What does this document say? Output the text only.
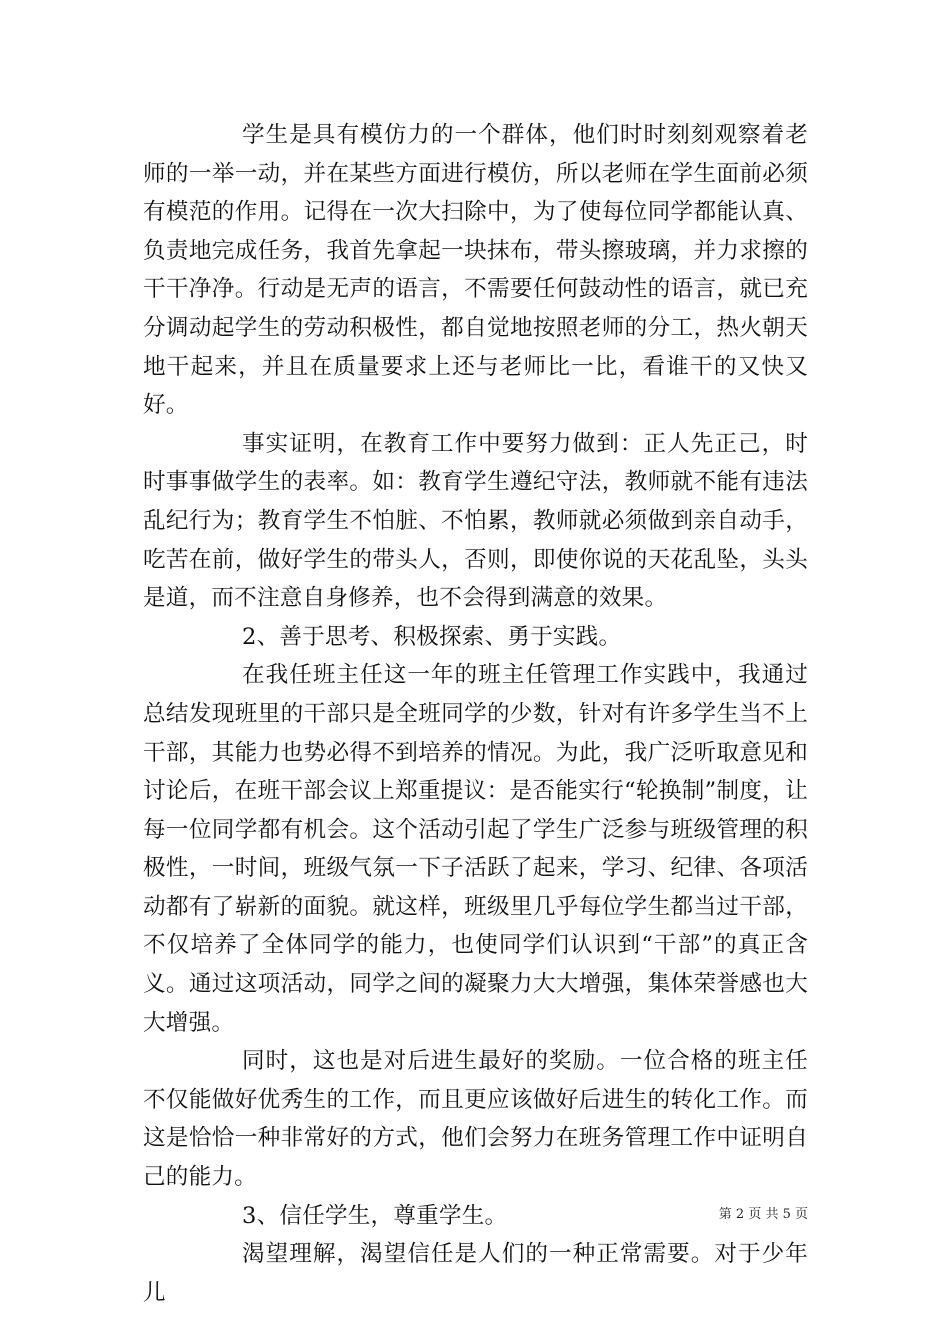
学生是具有模仿力的一个群体，他们时时刻刻观察着老师的一举一动，并在某些方面进行模仿，所以老师在学生面前必须有模范的作用。记得在一次大扫除中，为了使每位同学都能认真、负责地完成任务，我首先拿起一块抹布，带头擦玻璃，并力求擦的干干净净。行动是无声的语言，不需要任何鼓动性的语言，就已充分调动起学生的劳动积极性，都自觉地按照老师的分工，热火朝天地干起来，并且在质量要求上还与老师比一比，看谁干的又快又好。

事实证明，在教育工作中要努力做到：正人先正己，时时事事做学生的表率。如：教育学生遵纪守法，教师就不能有违法乱纪行为；教育学生不怕脏、不怕累，教师就必须做到亲自动手，吃苦在前，做好学生的带头人，否则，即使你说的天花乱坠，头头是道，而不注意自身修养，也不会得到满意的效果。

2、善于思考、积极探索、勇于实践。

在我任班主任这一年的班主任管理工作实践中，我通过总结发现班里的干部只是全班同学的少数，针对有许多学生当不上干部，其能力也势必得不到培养的情况。为此，我广泛听取意见和讨论后，在班干部会议上郑重提议：是否能实行“轮换制”制度，让每一位同学都有机会。这个活动引起了学生广泛参与班级管理的积极性，一时间，班级气氛一下子活跃了起来，学习、纪律、各项活动都有了崭新的面貌。就这样，班级里几乎每位学生都当过干部，不仅培养了全体同学的能力，也使同学们认识到“干部”的真正含义。通过这项活动，同学之间的凝聚力大大增强，集体荣誉感也大大增强。

同时，这也是对后进生最好的奖励。一位合格的班主任不仅能做好优秀生的工作，而且更应该做好后进生的转化工作。而这是恰恰一种非常好的方式，他们会努力在班务管理工作中证明自己的能力。

3、信任学生，尊重学生。

渴望理解，渴望信任是人们的一种正常需要。对于少年儿

第 2 页 共 5 页
